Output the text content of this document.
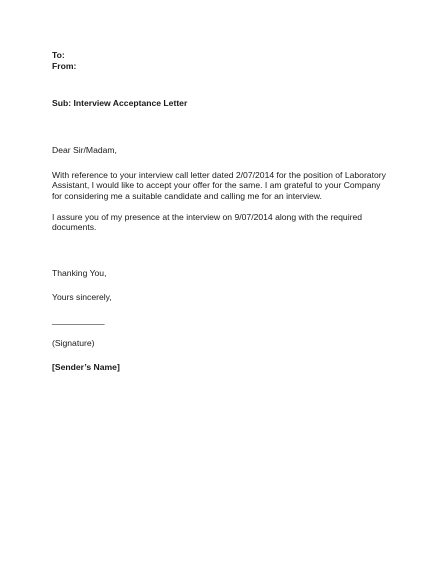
To:
From:
Sub: Interview Acceptance Letter
Dear Sir/Madam,
With reference to your interview call letter dated 2/07/2014 for the position of Laboratory
Assistant, I would like to accept your offer for the same. I am grateful to your Company
for considering me a suitable candidate and calling me for an interview.
I assure you of my presence at the interview on 9/07/2014 along with the required
documents.
Thanking You,
Yours sincerely,
___________
(Signature)
[Sender’s Name]
